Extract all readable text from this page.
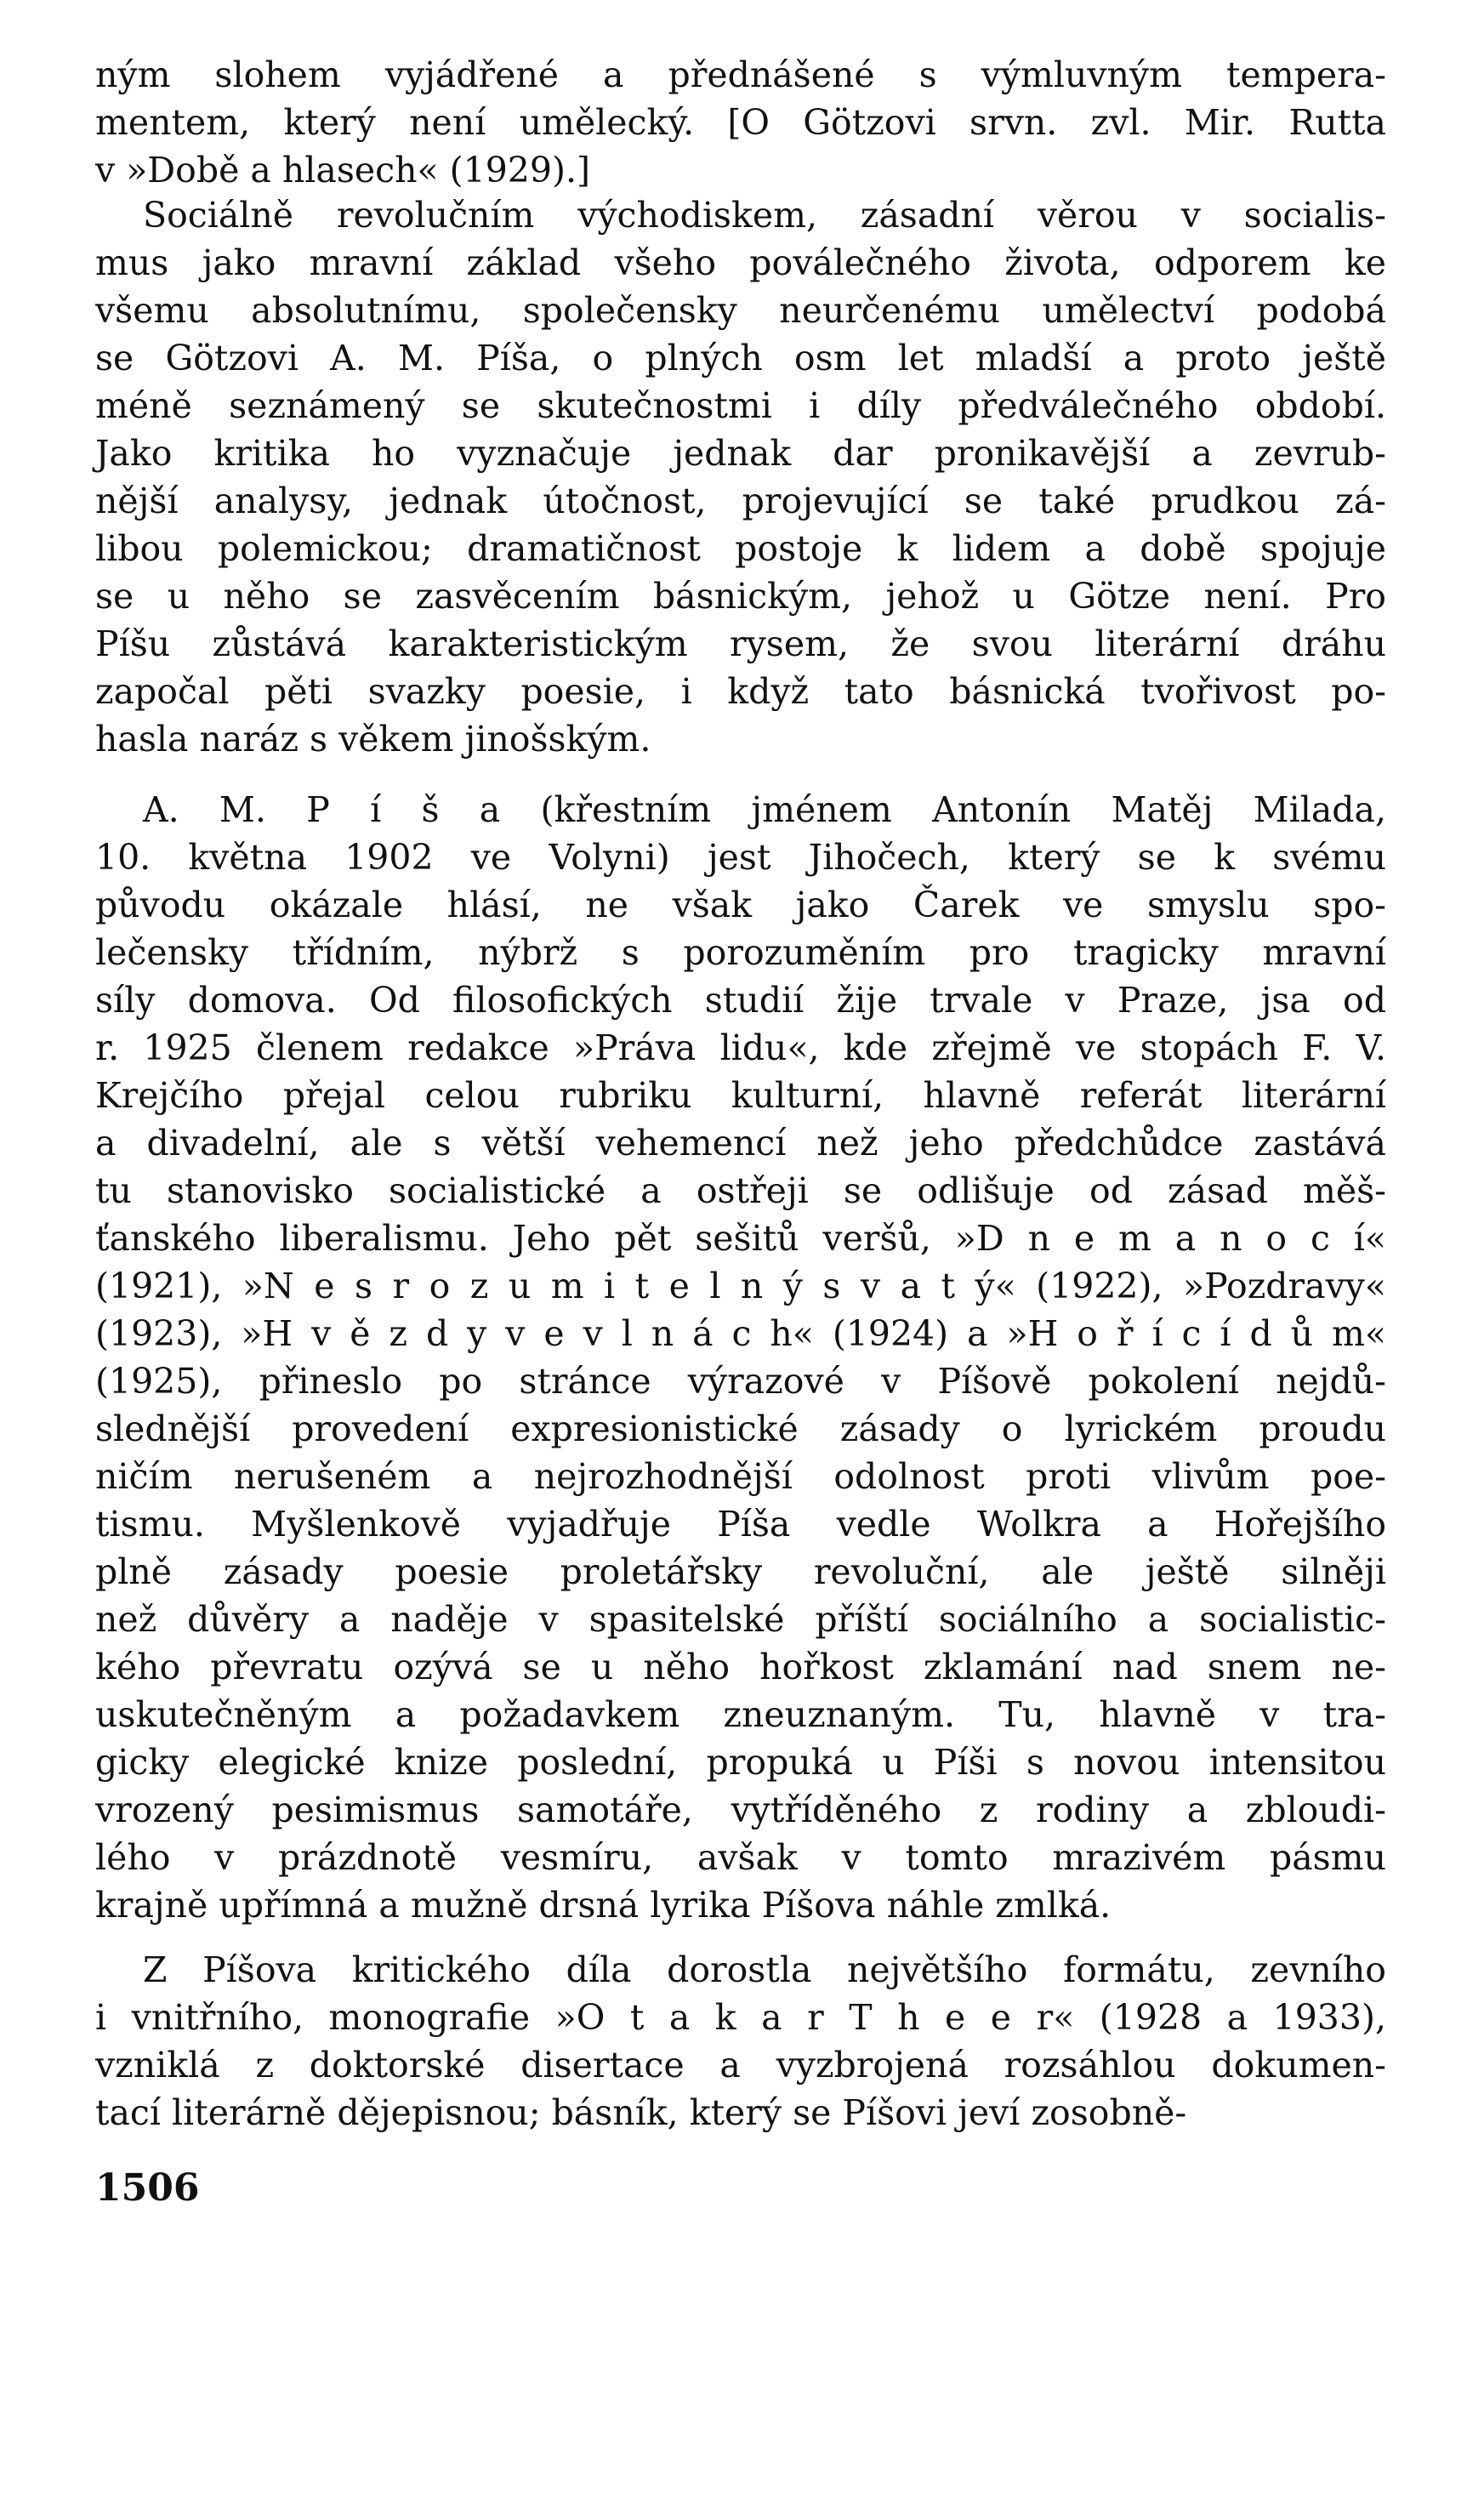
ným slohem vyjádřené a přednášené s výmluvným tempera-
mentem, který není umělecký. [O Götzovi srvn. zvl. Mir. Rutta
v »Době a hlasech« (1929).]
Sociálně revolučním východiskem, zásadní věrou v socialis-
mus jako mravní základ všeho poválečného života, odporem ke
všemu absolutnímu, společensky neurčenému umělectví podobá
se Götzovi A. M. Píša, o plných osm let mladší a proto ještě
méně seznámený se skutečnostmi i díly předválečného období.
Jako kritika ho vyznačuje jednak dar pronikavější a zevrub-
nější analysy, jednak útočnost, projevující se také prudkou zá-
libou polemickou; dramatičnost postoje k lidem a době spojuje
se u něho se zasvěcením básnickým, jehož u Götze není. Pro
Píšu zůstává karakteristickým rysem, že svou literární dráhu
započal pěti svazky poesie, i když tato básnická tvořivost po-
hasla naráz s věkem jinošským.
A. M. P í š a (křestním jménem Antonín Matěj Milada,
10. května 1902 ve Volyni) jest Jihočech, který se k svému
původu okázale hlásí, ne však jako Čarek ve smyslu spo-
lečensky třídním, nýbrž s porozuměním pro tragicky mravní
síly domova. Od filosofických studií žije trvale v Praze, jsa od
r. 1925 členem redakce »Práva lidu«, kde zřejmě ve stopách F. V.
Krejčího přejal celou rubriku kulturní, hlavně referát literární
a divadelní, ale s větší vehemencí než jeho předchůdce zastává
tu stanovisko socialistické a ostřeji se odlišuje od zásad měš-
ťanského liberalismu. Jeho pět sešitů veršů, »D n e m a n o c í«
(1921), »N e s r o z u m i t e l n ý s v a t ý« (1922), »Pozdravy«
(1923), »H v ě z d y v e v l n á c h« (1924) a »H o ř í c í d ů m«
(1925), přineslo po stránce výrazové v Píšově pokolení nejdů-
slednější provedení expresionistické zásady o lyrickém proudu
ničím nerušeném a nejrozhodnější odolnost proti vlivům poe-
tismu. Myšlenkově vyjadřuje Píša vedle Wolkra a Hořejšího
plně zásady poesie proletářsky revoluční, ale ještě silněji
než důvěry a naděje v spasitelské příští sociálního a socialistic-
kého převratu ozývá se u něho hořkost zklamání nad snem ne-
uskutečněným a požadavkem zneuznaným. Tu, hlavně v tra-
gicky elegické knize poslední, propuká u Píši s novou intensitou
vrozený pesimismus samotáře, vytříděného z rodiny a zbloudi-
lého v prázdnotě vesmíru, avšak v tomto mrazivém pásmu
krajně upřímná a mužně drsná lyrika Píšova náhle zmlká.
Z Píšova kritického díla dorostla největšího formátu, zevního
i vnitřního, monografie »O t a k a r T h e e r« (1928 a 1933),
vzniklá z doktorské disertace a vyzbrojená rozsáhlou dokumen-
tací literárně dějepisnou; básník, který se Píšovi jeví zosobně-
1506
